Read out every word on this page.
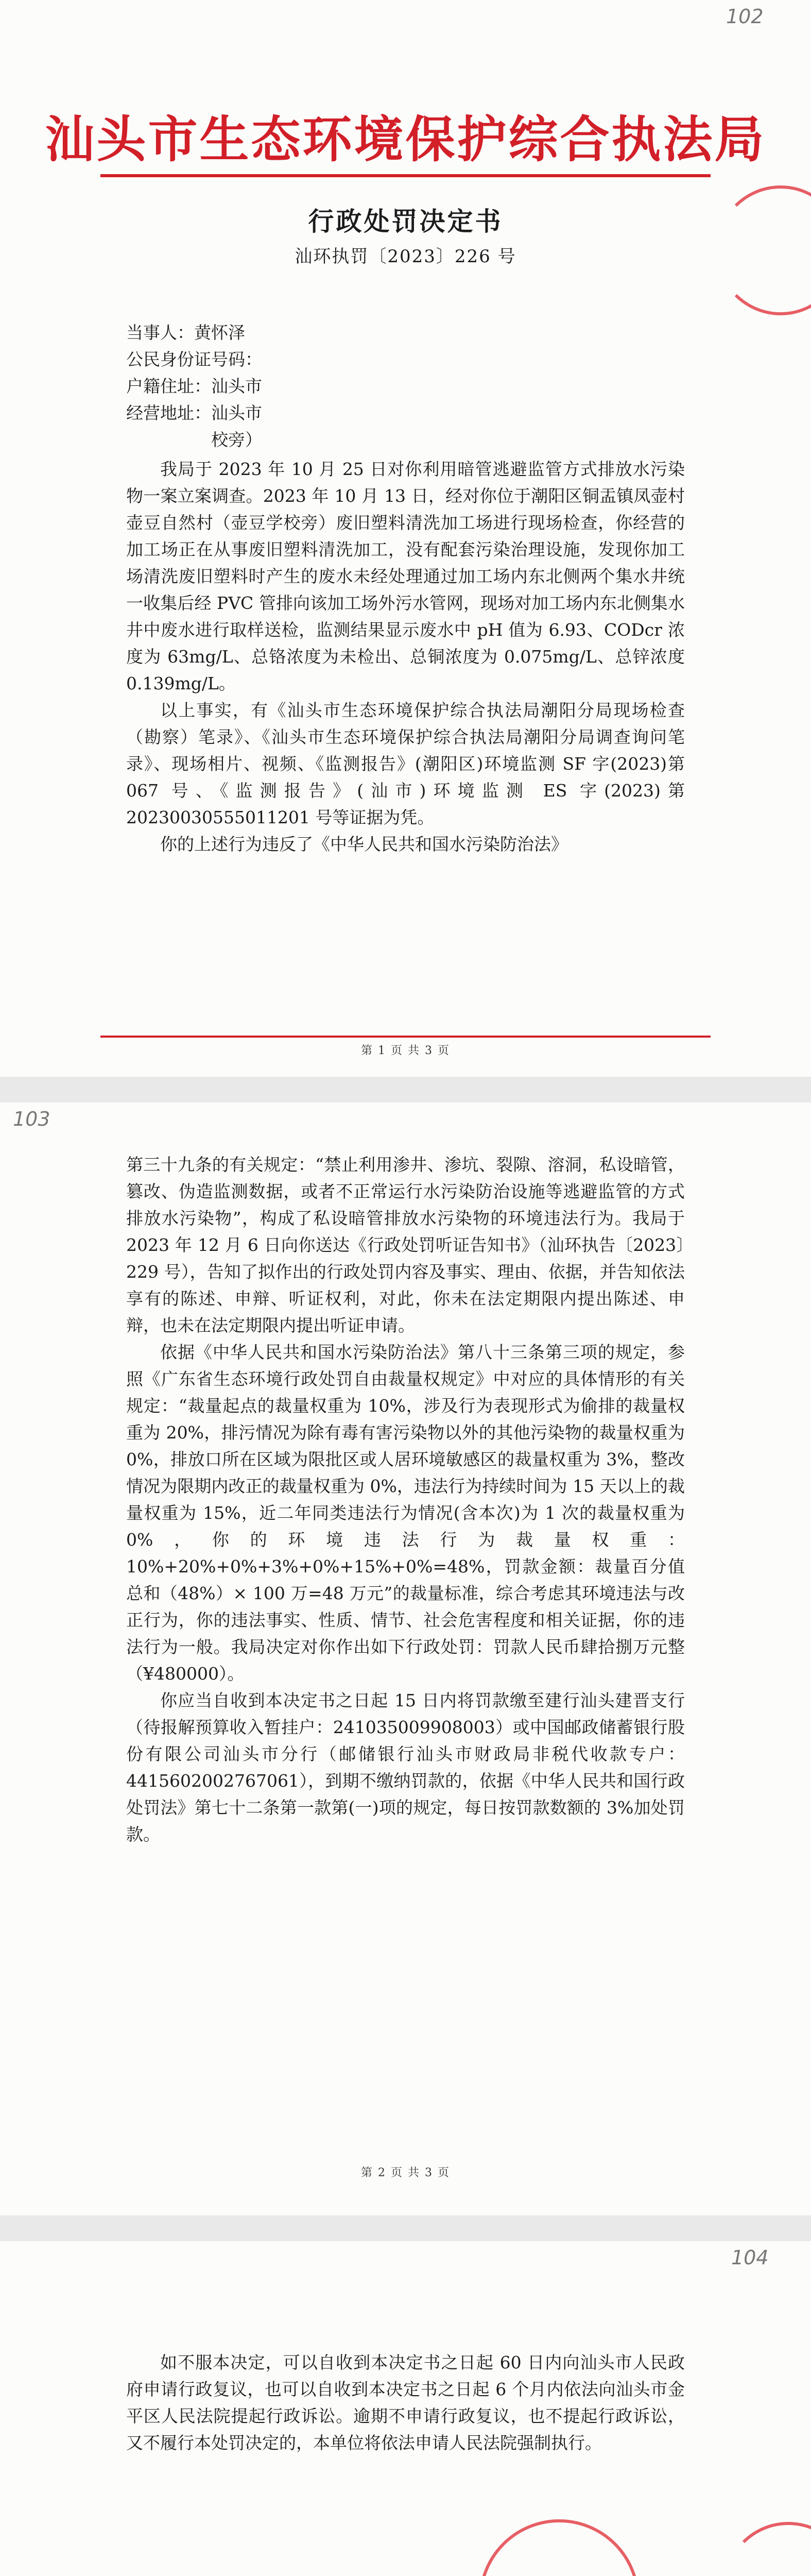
102
汕头市生态环境保护综合执法局
行政处罚决定书
汕环执罚〔2023〕226 号
当事人：黄怀泽
公民身份证号码：
户籍住址：汕头市
经营地址：汕头市
校旁）

我局于 2023 年 10 月 25 日对你利用暗管逃避监管方式排放水污染物一案立案调查。2023 年 10 月 13 日，经对你位于潮阳区铜盂镇凤壶村壶豆自然村（壶豆学校旁）废旧塑料清洗加工场进行现场检查，你经营的加工场正在从事废旧塑料清洗加工，没有配套污染治理设施，发现你加工场清洗废旧塑料时产生的废水未经处理通过加工场内东北侧两个集水井统一收集后经 PVC 管排向该加工场外污水管网，现场对加工场内东北侧集水井中废水进行取样送检，监测结果显示废水中 pH 值为 6.93、CODcr 浓度为 63mg/L、总铬浓度为未检出、总铜浓度为 0.075mg/L、总锌浓度 0.139mg/L。

以上事实，有《汕头市生态环境保护综合执法局潮阳分局现场检查（勘察）笔录》、《汕头市生态环境保护综合执法局潮阳分局调查询问笔录》、现场相片、视频、《监测报告》(潮阳区)环境监测 SF 字(2023)第 067 号、《监测报告》(汕市)环境监测 ES 字(2023)第 20230030555011201 号等证据为凭。

你的上述行为违反了《中华人民共和国水污染防治法》

第 1 页 共 3 页
103

第三十九条的有关规定：“禁止利用渗井、渗坑、裂隙、溶洞，私设暗管，篡改、伪造监测数据，或者不正常运行水污染防治设施等逃避监管的方式排放水污染物”，构成了私设暗管排放水污染物的环境违法行为。我局于 2023 年 12 月 6 日向你送达《行政处罚听证告知书》（汕环执告〔2023〕229 号），告知了拟作出的行政处罚内容及事实、理由、依据，并告知依法享有的陈述、申辩、听证权利，对此，你未在法定期限内提出陈述、申辩，也未在法定期限内提出听证申请。

依据《中华人民共和国水污染防治法》第八十三条第三项的规定，参照《广东省生态环境行政处罚自由裁量权规定》中对应的具体情形的有关规定：“裁量起点的裁量权重为 10%，涉及行为表现形式为偷排的裁量权重为 20%，排污情况为除有毒有害污染物以外的其他污染物的裁量权重为 0%，排放口所在区域为限批区或人居环境敏感区的裁量权重为 3%，整改情况为限期内改正的裁量权重为 0%，违法行为持续时间为 15 天以上的裁量权重为 15%，近二年同类违法行为情况(含本次)为 1 次的裁量权重为 0%，你的环境违法行为裁量权重：10%+20%+0%+3%+0%+15%+0%=48%，罚款金额：裁量百分值总和（48%）× 100 万=48 万元”的裁量标准，综合考虑其环境违法与改正行为，你的违法事实、性质、情节、社会危害程度和相关证据，你的违法行为一般。我局决定对你作出如下行政处罚：罚款人民币肆拾捌万元整（¥480000）。

你应当自收到本决定书之日起 15 日内将罚款缴至建行汕头建晋支行（待报解预算收入暂挂户：241035009908003）或中国邮政储蓄银行股份有限公司汕头市分行（邮储银行汕头市财政局非税代收款专户：44156020027670​61），到期不缴纳罚款的，依据《中华人民共和国行政处罚法》第七十二条第一款第(一)项的规定，每日按罚款数额的 3%加处罚款。

第 2 页 共 3 页
104

如不服本决定，可以自收到本决定书之日起 60 日内向汕头市人民政府申请行政复议，也可以自收到本决定书之日起 6 个月内依法向汕头市金平区人民法院提起行政诉讼。逾期不申请行政复议，也不提起行政诉讼，又不履行本处罚决定的，本单位将依法申请人民法院强制执行。
